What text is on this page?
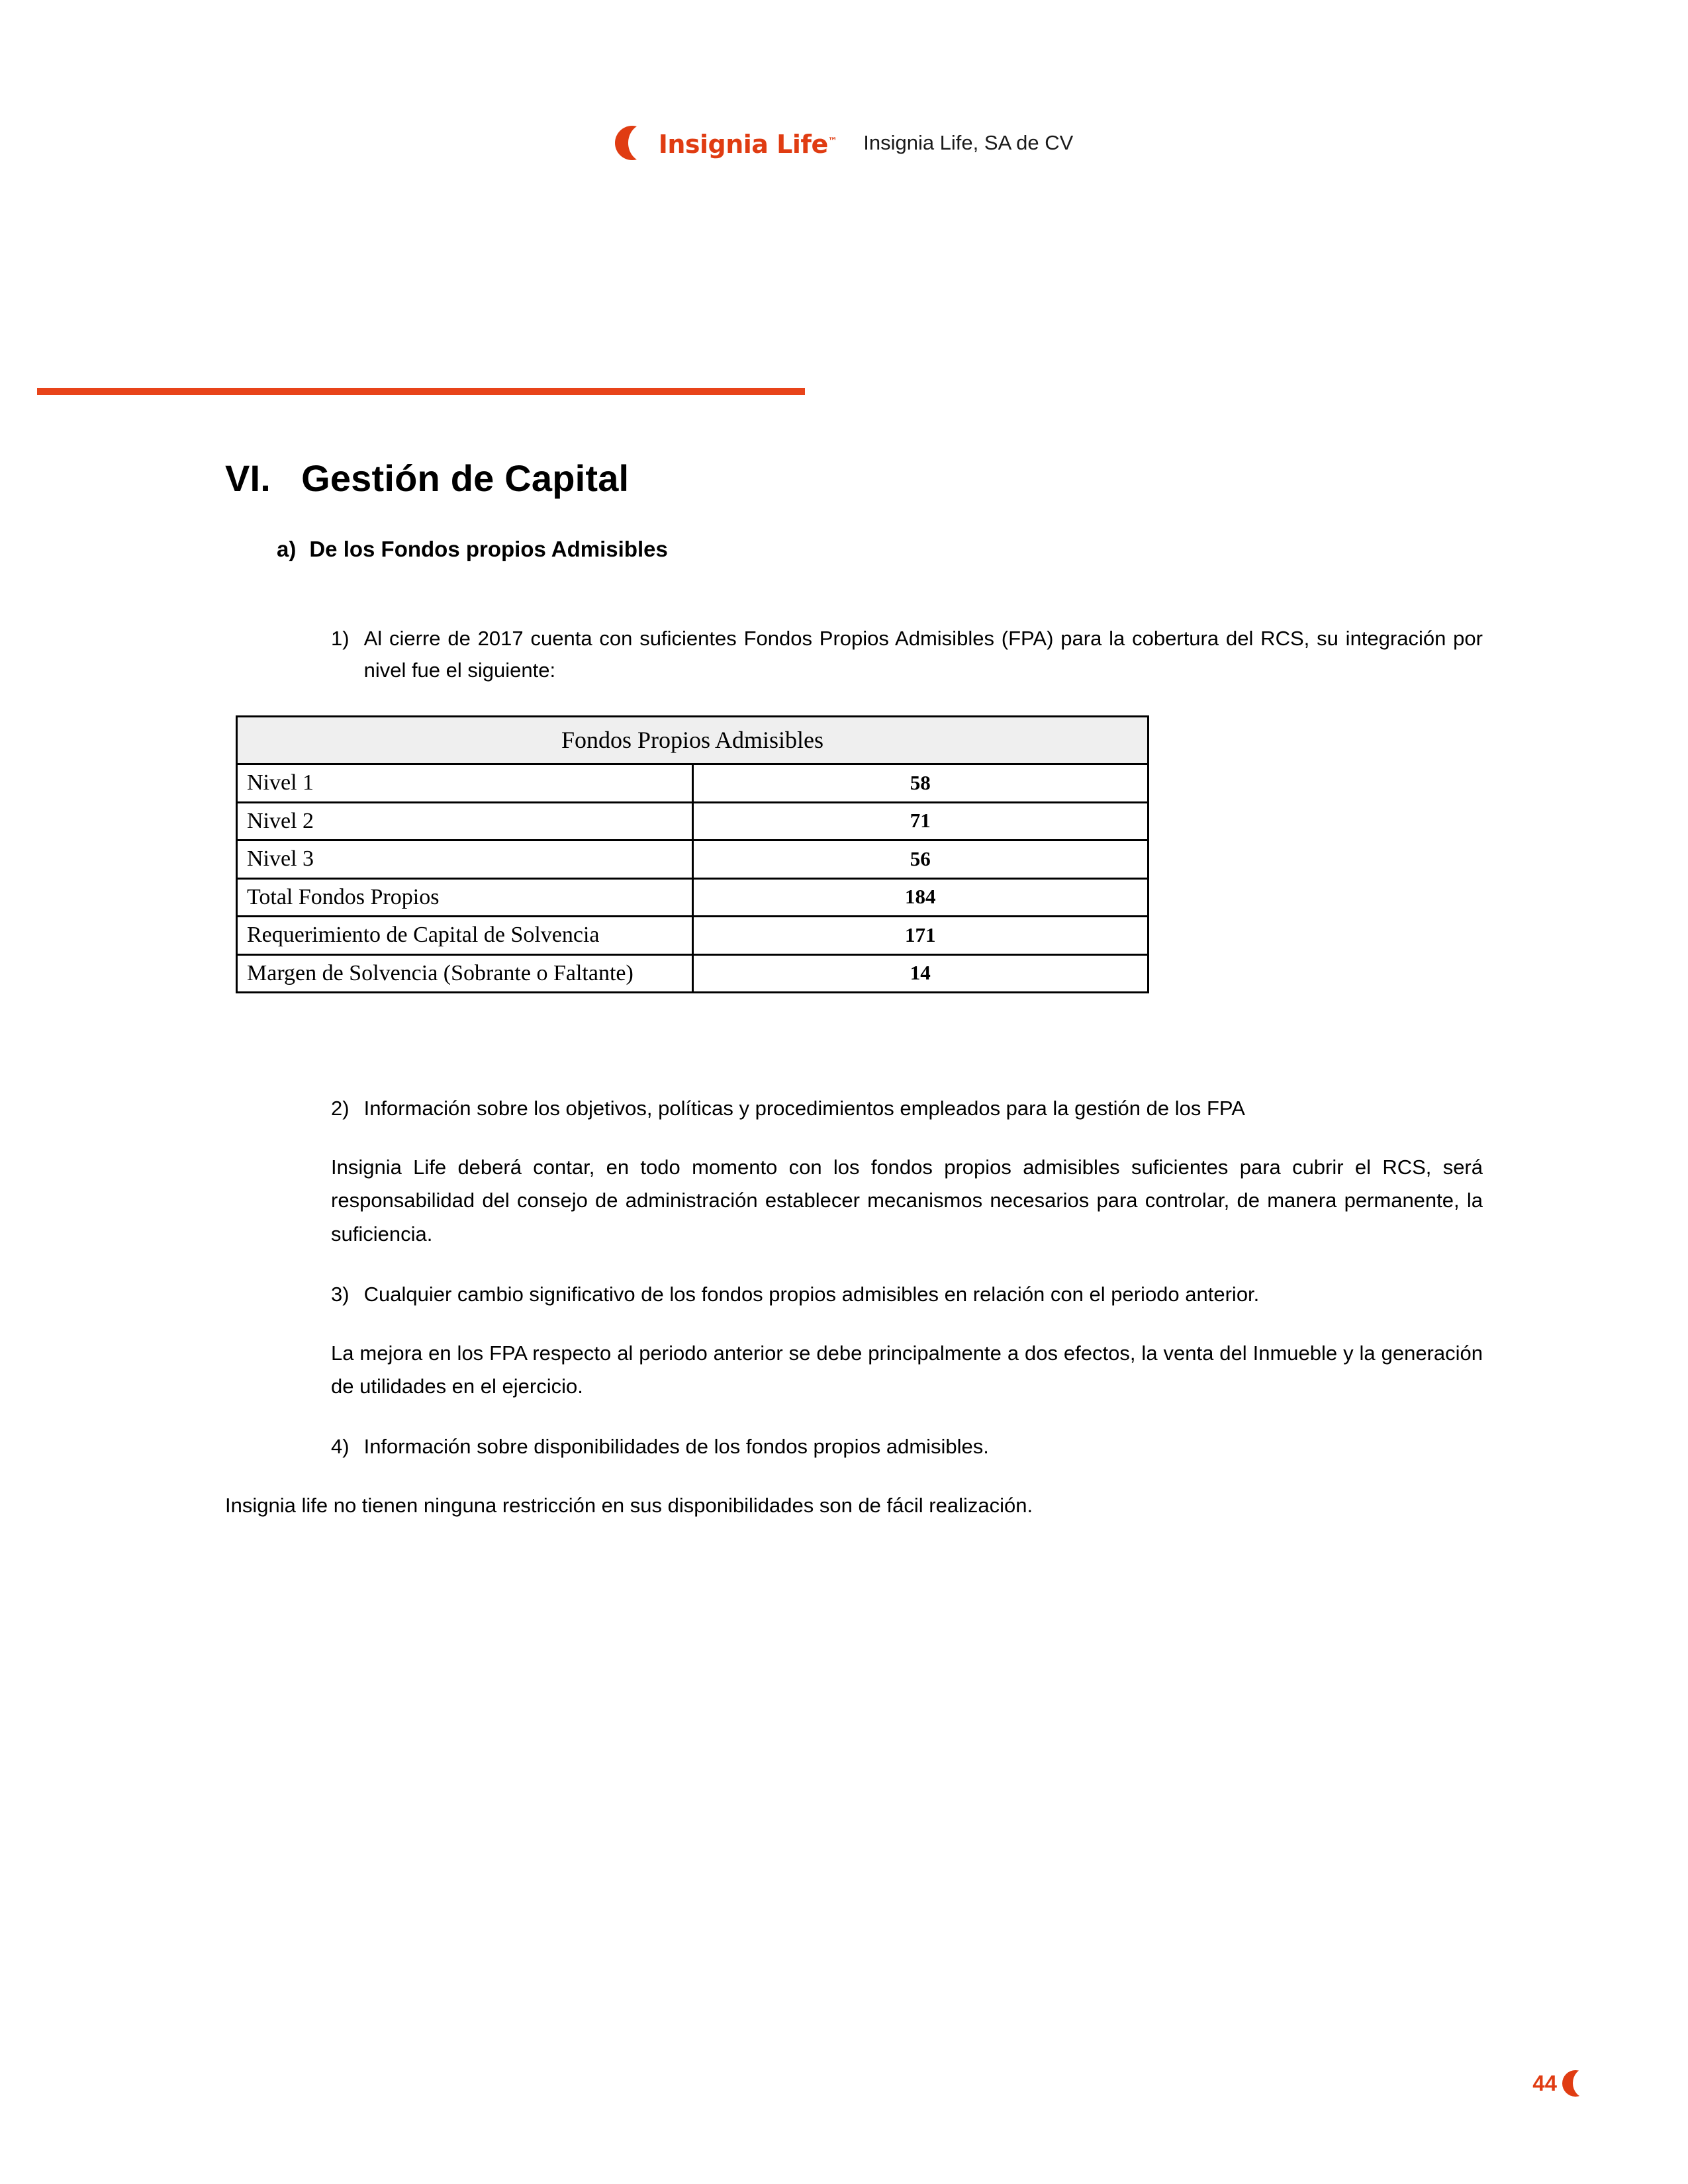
Insignia Life™ Insignia Life, SA de CV
VI. Gestión de Capital
a) De los Fondos propios Admisibles
1) Al cierre de 2017 cuenta con suficientes Fondos Propios Admisibles (FPA) para la cobertura del RCS, su integración por nivel fue el siguiente:
Fondos Propios Admisibles	
Nivel 1	58
Nivel 2	71
Nivel 3	56
Total Fondos Propios	184
Requerimiento de Capital de Solvencia	171
Margen de Solvencia (Sobrante o Faltante)	14
2) Información sobre los objetivos, políticas y procedimientos empleados para la gestión de los FPA
Insignia Life deberá contar, en todo momento con los fondos propios admisibles suficientes para cubrir el RCS, será responsabilidad del consejo de administración establecer mecanismos necesarios para controlar, de manera permanente, la suficiencia.
3) Cualquier cambio significativo de los fondos propios admisibles en relación con el periodo anterior.
La mejora en los FPA respecto al periodo anterior se debe principalmente a dos efectos, la venta del Inmueble y la generación de utilidades en el ejercicio.
4) Información sobre disponibilidades de los fondos propios admisibles.
Insignia life no tienen ninguna restricción en sus disponibilidades son de fácil realización.
44
